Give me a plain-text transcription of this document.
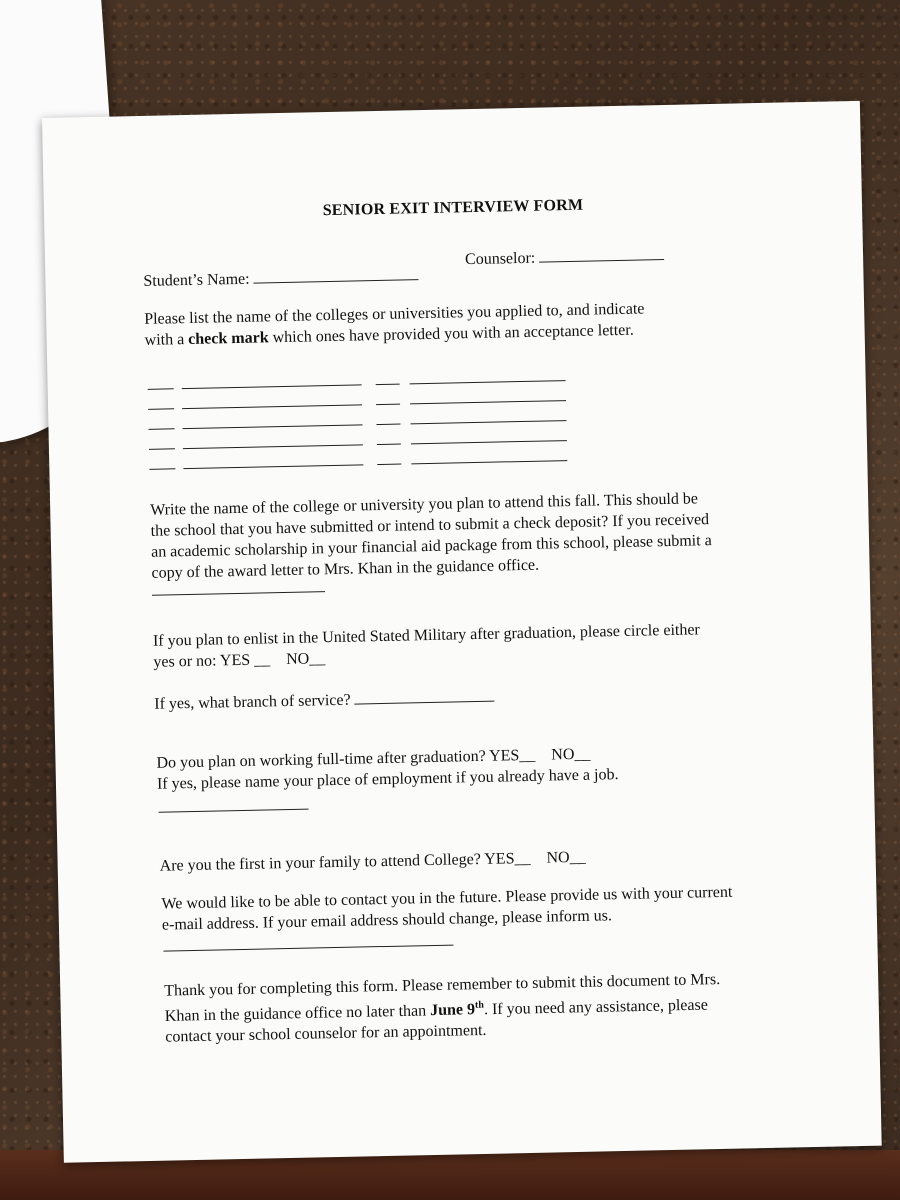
SENIOR EXIT INTERVIEW FORM
Student’s Name:
Counselor:
Please list the name of the colleges or universities you applied to, and indicate with a check mark which ones have provided you with an acceptance letter.
Write the name of the college or university you plan to attend this fall. This should be the school that you have submitted or intend to submit a check deposit? If you received an academic scholarship in your financial aid package from this school, please submit a copy of the award letter to Mrs. Khan in the guidance office.
If you plan to enlist in the United Stated Military after graduation, please circle either yes or no: YES __ NO__
If yes, what branch of service?
Do you plan on working full-time after graduation? YES__ NO__
If yes, please name your place of employment if you already have a job.
Are you the first in your family to attend College? YES__ NO__
We would like to be able to contact you in the future. Please provide us with your current e-mail address. If your email address should change, please inform us.
Thank you for completing this form. Please remember to submit this document to Mrs. Khan in the guidance office no later than June 9th. If you need any assistance, please contact your school counselor for an appointment.
